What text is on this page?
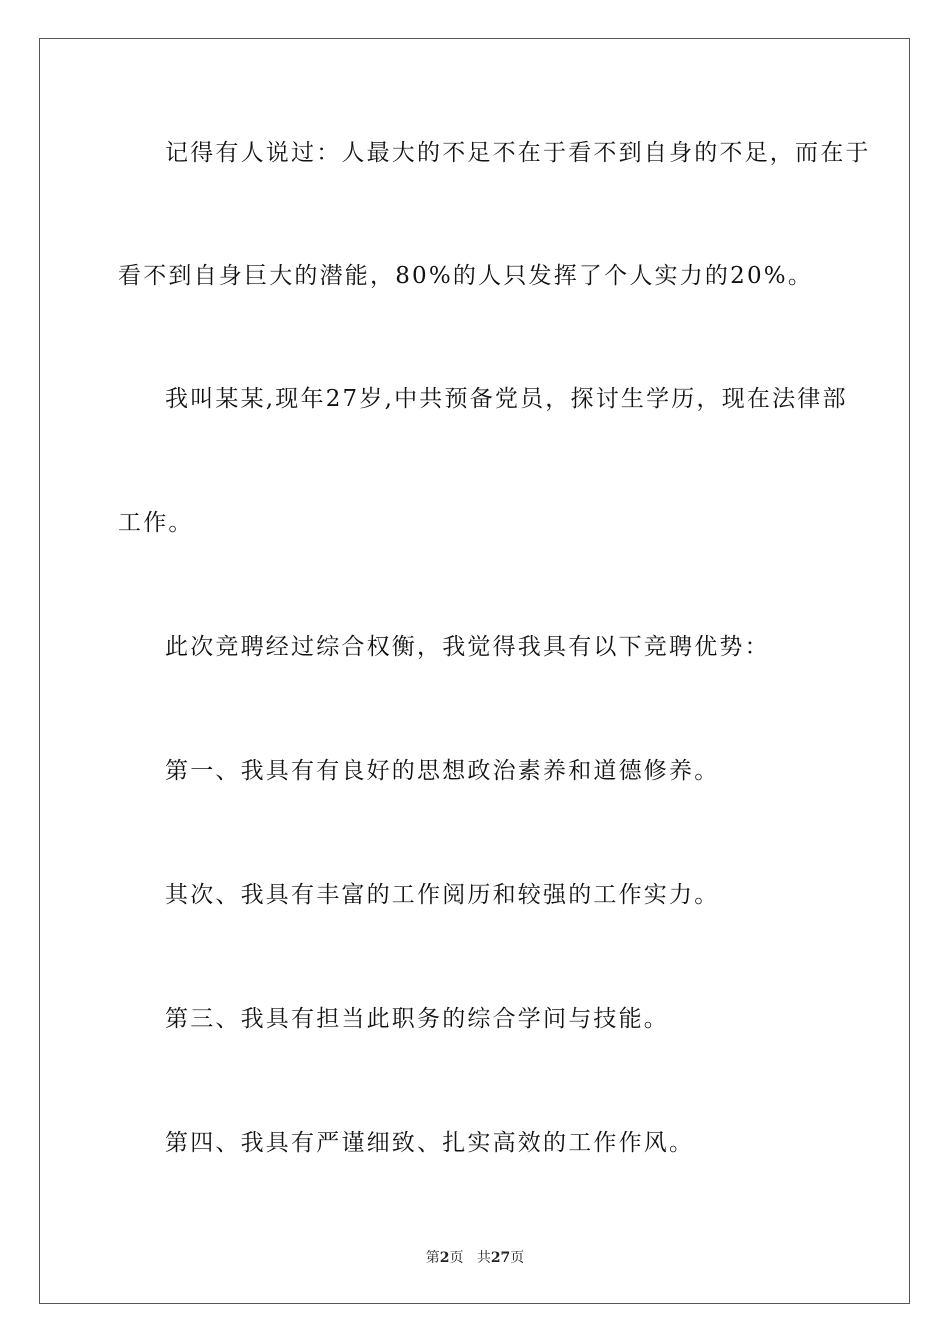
记得有人说过：人最大的不足不在于看不到自身的不足，而在于
看不到自身巨大的潜能，80%的人只发挥了个人实力的20%。
我叫某某,现年27岁,中共预备党员，探讨生学历，现在法律部
工作。
此次竞聘经过综合权衡，我觉得我具有以下竞聘优势：
第一、我具有有良好的思想政治素养和道德修养。
其次、我具有丰富的工作阅历和较强的工作实力。
第三、我具有担当此职务的综合学问与技能。
第四、我具有严谨细致、扎实高效的工作作风。
第2页 共27页
